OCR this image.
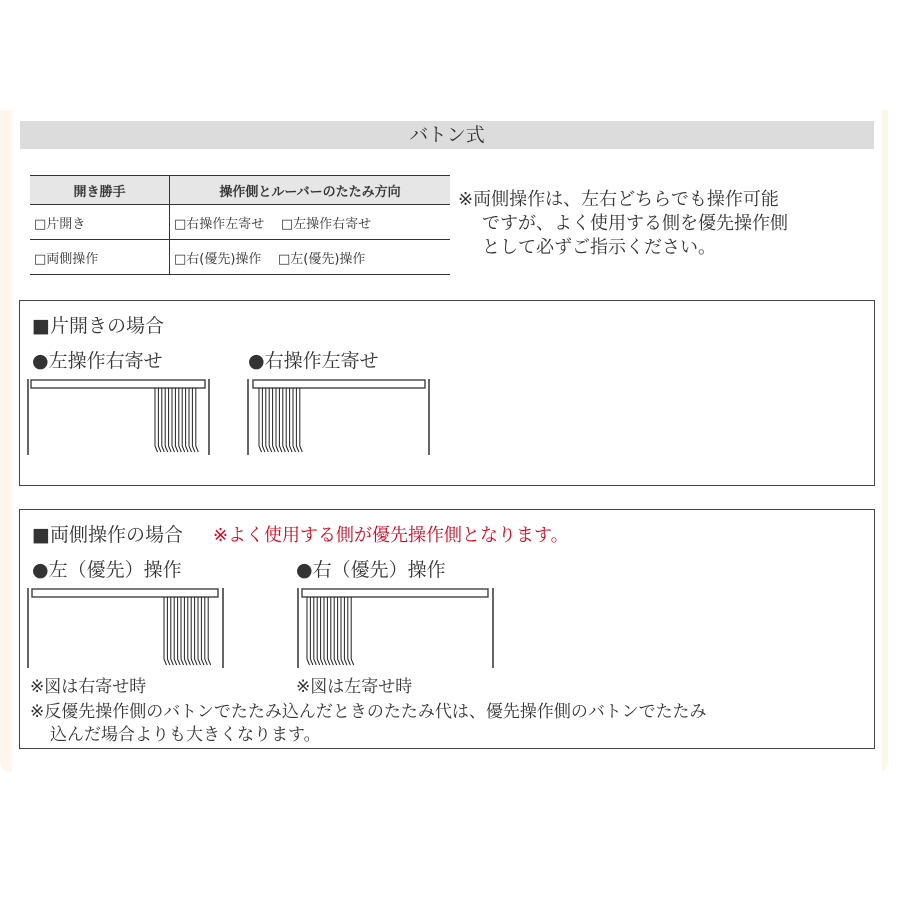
バトン式
開き勝手	操作側とルーバーのたたみ方向
□片開き	□右操作左寄せ □左操作右寄せ
□両側操作	□右(優先)操作 □左(優先)操作
※両側操作は、左右どちらでも操作可能
ですが、よく使用する側を優先操作側
として必ずご指示ください。
■片開きの場合
●左操作右寄せ	●右操作左寄せ
■両側操作の場合 ※よく使用する側が優先操作側となります。
●左（優先）操作	●右（優先）操作
※図は右寄せ時	※図は左寄せ時
※反優先操作側のバトンでたたみ込んだときのたたみ代は、優先操作側のバトンでたたみ
込んだ場合よりも大きくなります。
